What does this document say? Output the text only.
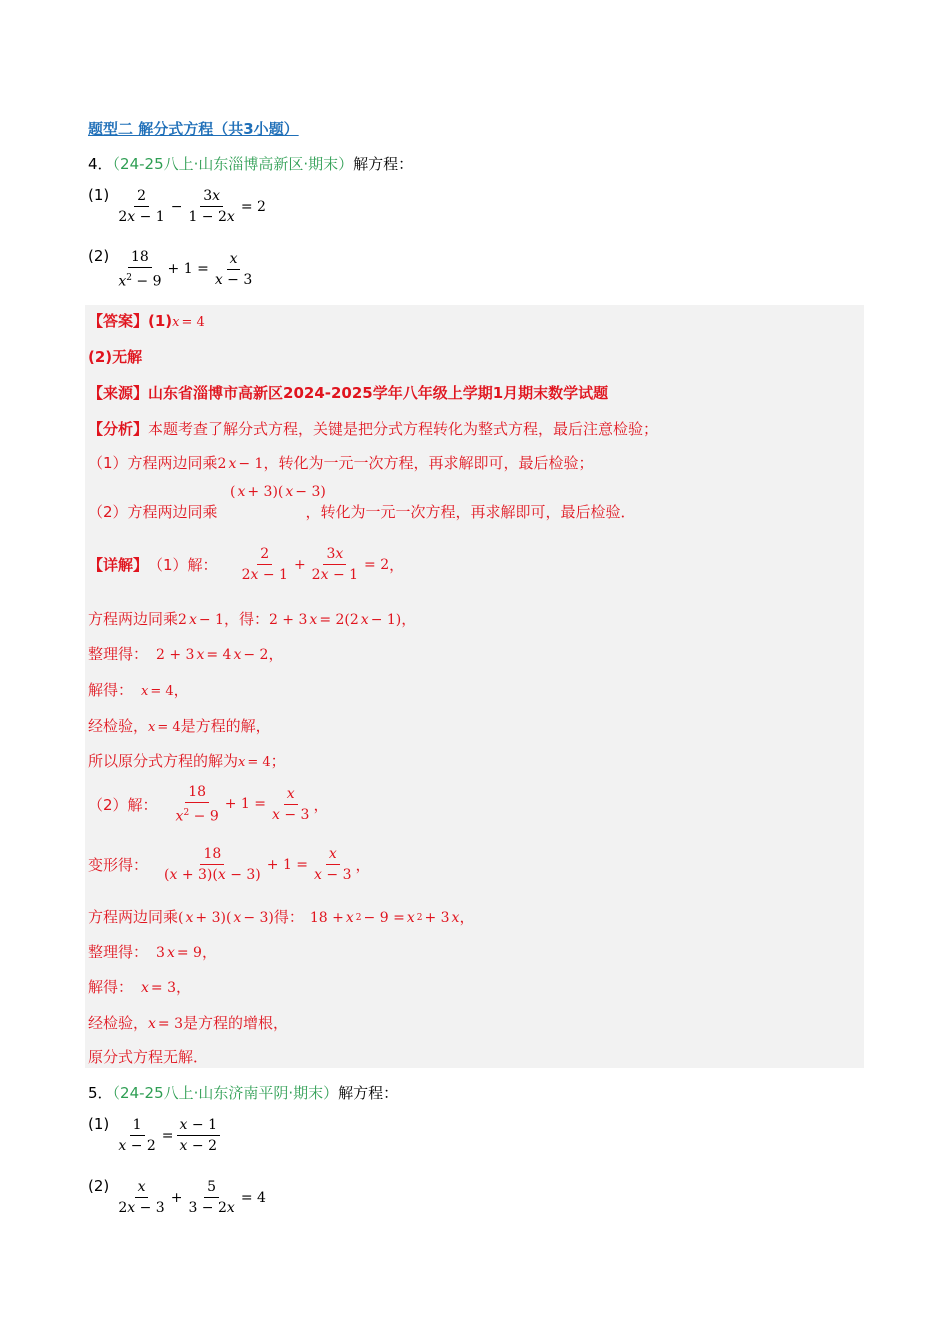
题型二 解分式方程（共3小题）
4．（24-25八上·山东淄博高新区·期末）解方程：
$(1) \frac{2}{2x - 1} - \frac{3x}{1 - 2x} = 2$
$(2) \frac{18}{x^2 - 9} + 1 = \frac{x}{x - 3}$
【答案】(1) x = 4
(2)无解
【来源】山东省淄博市高新区2024-2025学年八年级上学期1月期末数学试题
【分析】本题考查了解分式方程，关键是把分式方程转化为整式方程，最后注意检验；
（1）方程两边同乘2 x − 1，转化为一元一次方程，再求解即可，最后检验；
( x + 3)( x − 3)
（2）方程两边同乘	，转化为一元一次方程，再求解即可，最后检验．
【详解】 （1）解： $\frac{2}{2x - 1} + \frac{3x}{2x - 1} = 2$ ，
方程两边同乘2 x − 1，得：2 + 3 x = 2(2 x − 1)，
整理得： 2 + 3 x = 4 x − 2，
解得： x = 4，
经检验， x = 4是方程的解，
所以原分式方程的解为 x = 4；
（2）解： $\frac{18}{x^2 - 9} + 1 = \frac{x}{x - 3}$ ，
变形得： $\frac{18}{(x + 3)(x - 3)} + 1 = \frac{x}{x - 3}$ ，
方程两边同乘( x + 3)( x − 3)得： 18 + x 2 − 9 = x 2 + 3 x ，
整理得： 3 x = 9，
解得： x = 3，
经检验， x = 3是方程的增根，
原分式方程无解．
5．（24-25八上·山东济南平阴·期末）解方程：
$(1) \frac{1}{x - 2} = \frac{x - 1}{x - 2}$
$(2) \frac{x}{2x - 3} + \frac{5}{3 - 2x} = 4$
